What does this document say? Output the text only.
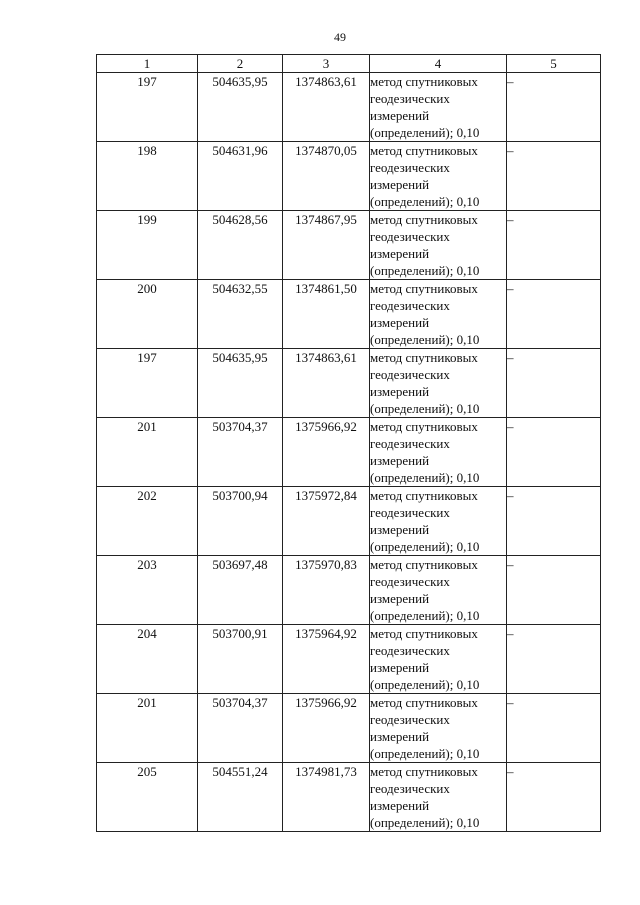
49
1	2	3	4	5
197	504635,95	1374863,61	метод спутниковых
геодезических
измерений
(определений); 0,10	–
198	504631,96	1374870,05	метод спутниковых
геодезических
измерений
(определений); 0,10	–
199	504628,56	1374867,95	метод спутниковых
геодезических
измерений
(определений); 0,10	–
200	504632,55	1374861,50	метод спутниковых
геодезических
измерений
(определений); 0,10	–
197	504635,95	1374863,61	метод спутниковых
геодезических
измерений
(определений); 0,10	–
201	503704,37	1375966,92	метод спутниковых
геодезических
измерений
(определений); 0,10	–
202	503700,94	1375972,84	метод спутниковых
геодезических
измерений
(определений); 0,10	–
203	503697,48	1375970,83	метод спутниковых
геодезических
измерений
(определений); 0,10	–
204	503700,91	1375964,92	метод спутниковых
геодезических
измерений
(определений); 0,10	–
201	503704,37	1375966,92	метод спутниковых
геодезических
измерений
(определений); 0,10	–
205	504551,24	1374981,73	метод спутниковых
геодезических
измерений
(определений); 0,10	–
